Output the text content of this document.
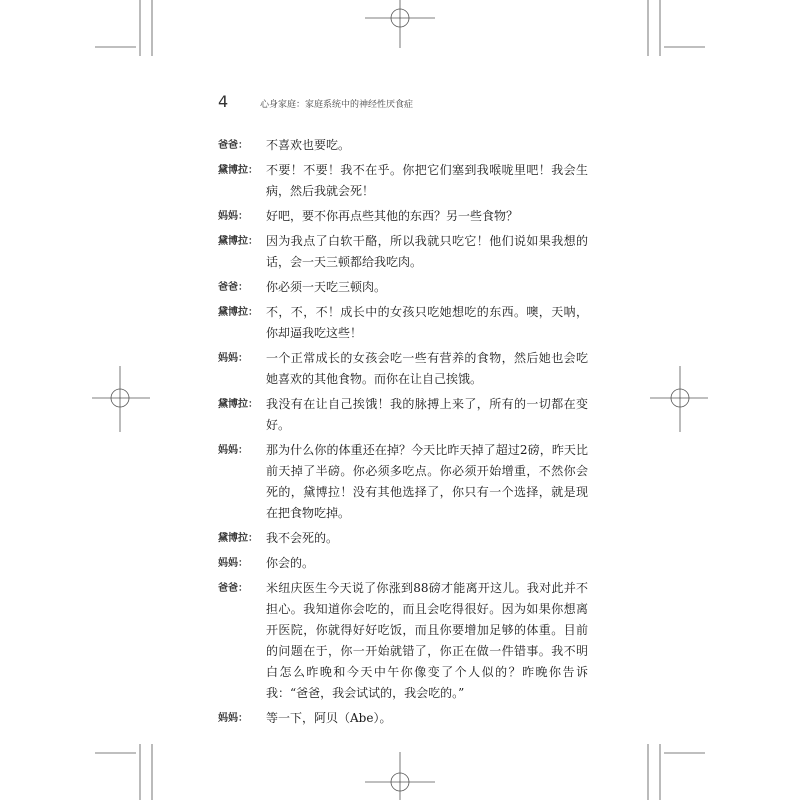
4	心身家庭：家庭系统中的神经性厌食症
爸爸： 不喜欢也要吃。
黛博拉： 不要！不要！我不在乎。你把它们塞到我喉咙里吧！我会生病，然后我就会死！
妈妈： 好吧，要不你再点些其他的东西？另一些食物？
黛博拉： 因为我点了白软干酪，所以我就只吃它！他们说如果我想的话，会一天三顿都给我吃肉。
爸爸： 你必须一天吃三顿肉。
黛博拉： 不，不，不！成长中的女孩只吃她想吃的东西。噢，天呐，你却逼我吃这些！
妈妈： 一个正常成长的女孩会吃一些有营养的食物，然后她也会吃她喜欢的其他食物。而你在让自己挨饿。
黛博拉： 我没有在让自己挨饿！我的脉搏上来了，所有的一切都在变好。
妈妈： 那为什么你的体重还在掉？今天比昨天掉了超过2磅，昨天比前天掉了半磅。你必须多吃点。你必须开始增重，不然你会死的，黛博拉！没有其他选择了，你只有一个选择，就是现在把食物吃掉。
黛博拉： 我不会死的。
妈妈： 你会的。
爸爸： 米纽庆医生今天说了你涨到88磅才能离开这儿。我对此并不担心。我知道你会吃的，而且会吃得很好。因为如果你想离开医院，你就得好好吃饭，而且你要增加足够的体重。目前的问题在于，你一开始就错了，你正在做一件错事。我不明白怎么昨晚和今天中午你像变了个人似的？昨晚你告诉我：“爸爸，我会试试的，我会吃的。”
妈妈： 等一下，阿贝（Abe）。
